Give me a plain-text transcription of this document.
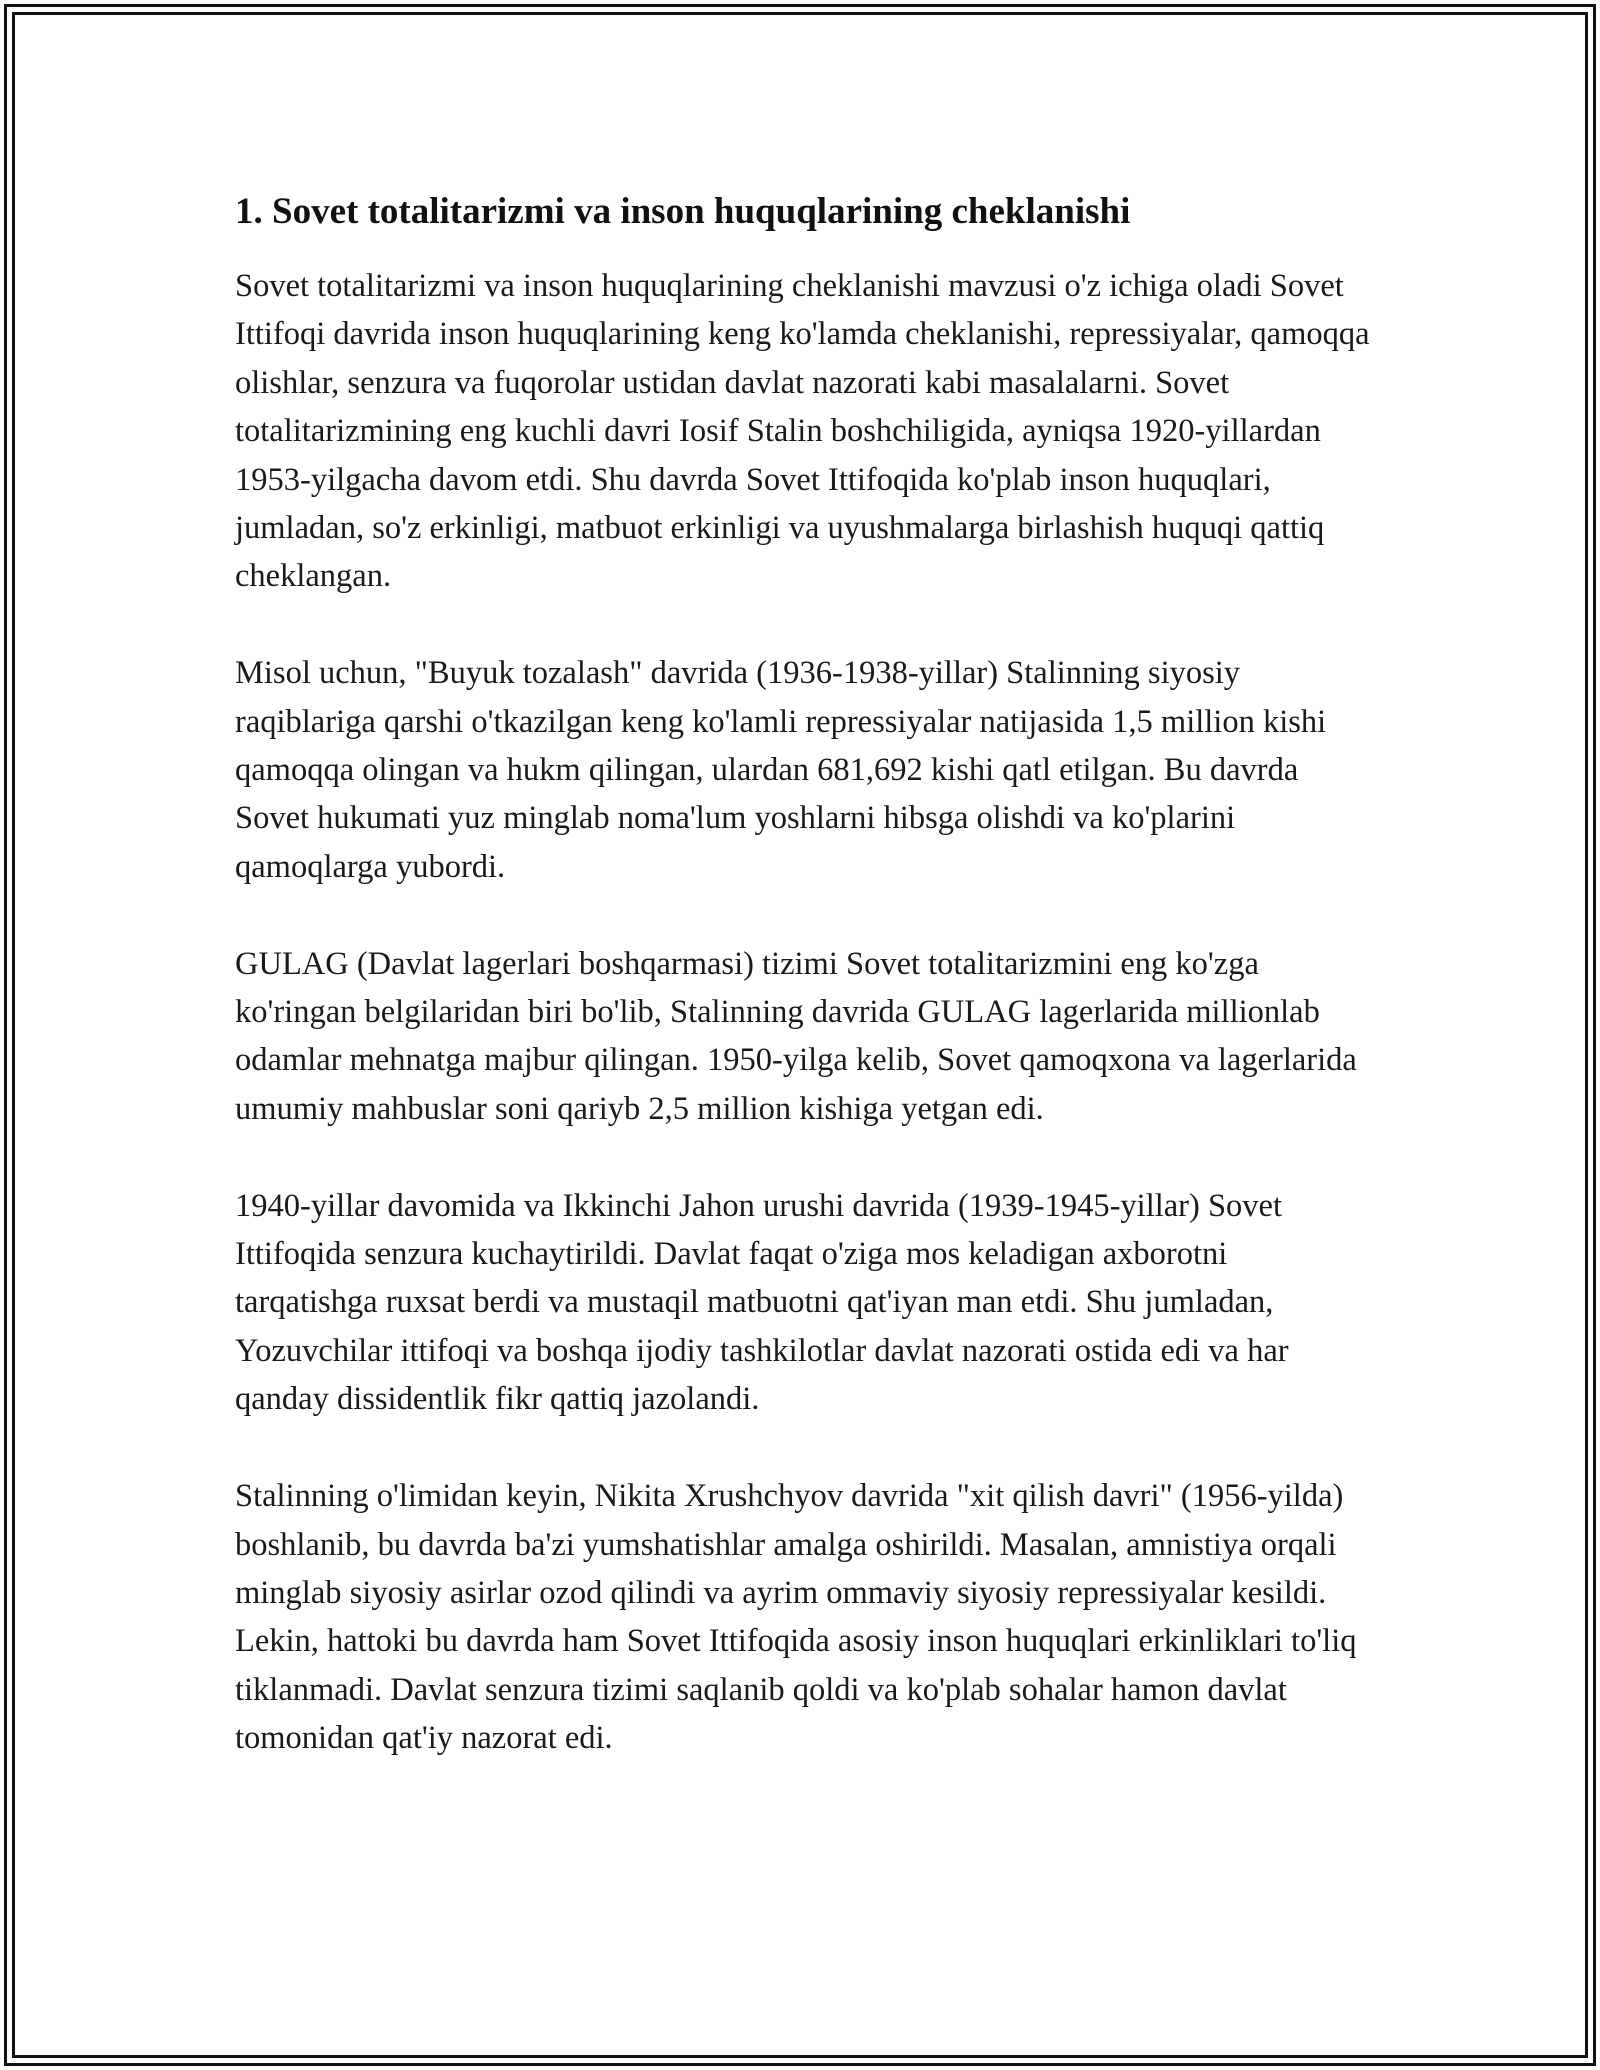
1. Sovet totalitarizmi va inson huquqlarining cheklanishi

Sovet totalitarizmi va inson huquqlarining cheklanishi mavzusi o'z ichiga oladi Sovet Ittifoqi davrida inson huquqlarining keng ko'lamda cheklanishi, repressiyalar, qamoqqa olishlar, senzura va fuqorolar ustidan davlat nazorati kabi masalalarni. Sovet totalitarizmining eng kuchli davri Iosif Stalin boshchiligida, ayniqsa 1920-yillardan 1953-yilgacha davom etdi. Shu davrda Sovet Ittifoqida ko'plab inson huquqlari, jumladan, so'z erkinligi, matbuot erkinligi va uyushmalarga birlashish huquqi qattiq cheklangan.

Misol uchun, "Buyuk tozalash" davrida (1936-1938-yillar) Stalinning siyosiy raqiblariga qarshi o'tkazilgan keng ko'lamli repressiyalar natijasida 1,5 million kishi qamoqqa olingan va hukm qilingan, ulardan 681,692 kishi qatl etilgan. Bu davrda Sovet hukumati yuz minglab noma'lum yoshlarni hibsga olishdi va ko'plarini qamoqlarga yubordi.

GULAG (Davlat lagerlari boshqarmasi) tizimi Sovet totalitarizmini eng ko'zga ko'ringan belgilaridan biri bo'lib, Stalinning davrida GULAG lagerlarida millionlab odamlar mehnatga majbur qilingan. 1950-yilga kelib, Sovet qamoqxona va lagerlarida umumiy mahbuslar soni qariyb 2,5 million kishiga yetgan edi.

1940-yillar davomida va Ikkinchi Jahon urushi davrida (1939-1945-yillar) Sovet Ittifoqida senzura kuchaytirildi. Davlat faqat o'ziga mos keladigan axborotni tarqatishga ruxsat berdi va mustaqil matbuotni qat'iyan man etdi. Shu jumladan, Yozuvchilar ittifoqi va boshqa ijodiy tashkilotlar davlat nazorati ostida edi va har qanday dissidentlik fikr qattiq jazolandi.

Stalinning o'limidan keyin, Nikita Xrushchyov davrida "xit qilish davri" (1956-yilda) boshlanib, bu davrda ba'zi yumshatishlar amalga oshirildi. Masalan, amnistiya orqali minglab siyosiy asirlar ozod qilindi va ayrim ommaviy siyosiy repressiyalar kesildi. Lekin, hattoki bu davrda ham Sovet Ittifoqida asosiy inson huquqlari erkinliklari to'liq tiklanmadi. Davlat senzura tizimi saqlanib qoldi va ko'plab sohalar hamon davlat tomonidan qat'iy nazorat edi.
